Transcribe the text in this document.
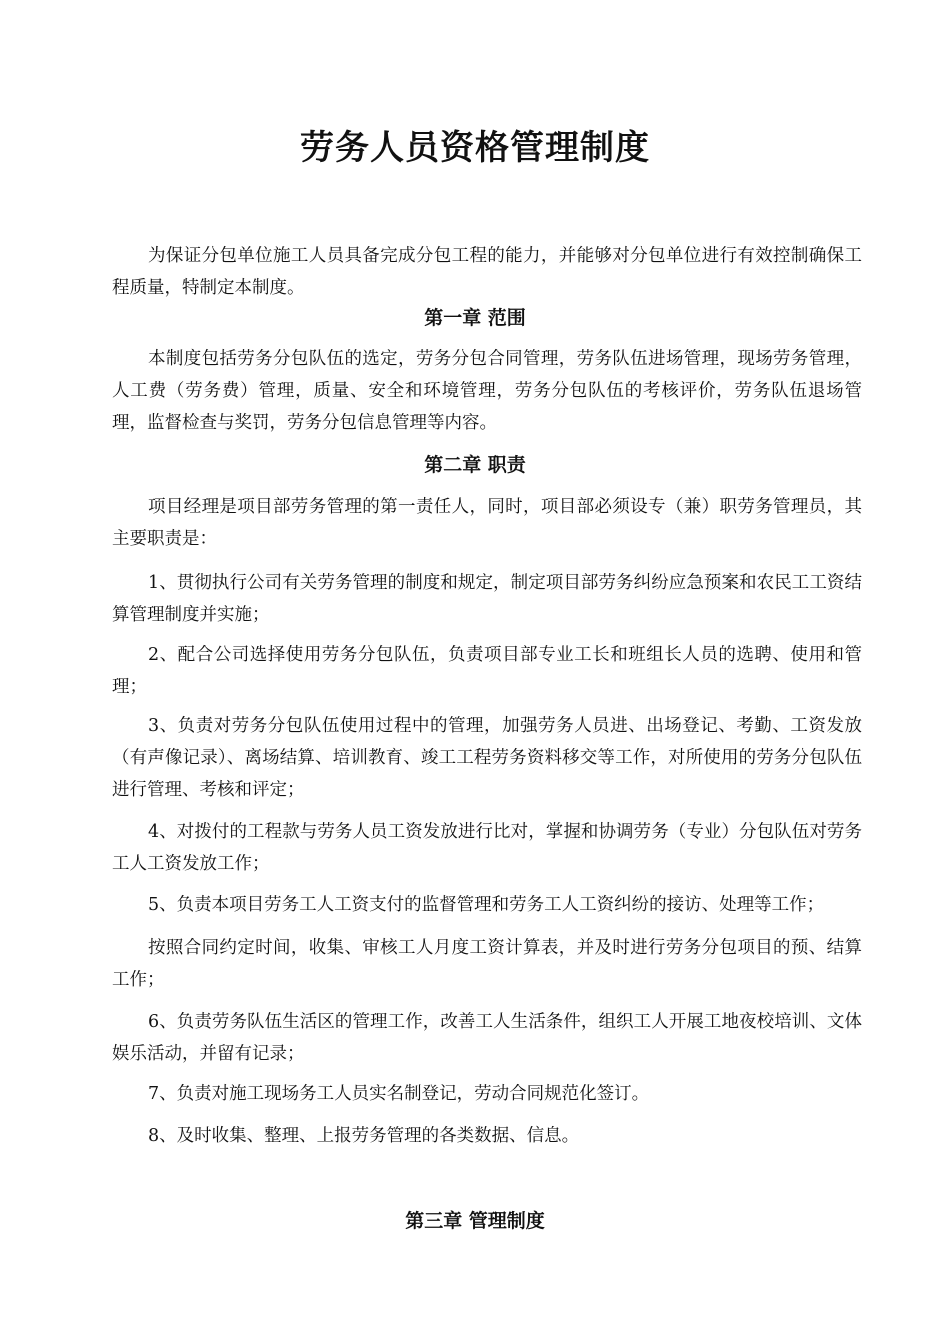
劳务人员资格管理制度

为保证分包单位施工人员具备完成分包工程的能力，并能够对分包单位进行有效控制确保工程质量，特制定本制度。

第一章 范围

本制度包括劳务分包队伍的选定，劳务分包合同管理，劳务队伍进场管理，现场劳务管理，人工费（劳务费）管理，质量、安全和环境管理，劳务分包队伍的考核评价，劳务队伍退场管理，监督检查与奖罚，劳务分包信息管理等内容。

第二章 职责

项目经理是项目部劳务管理的第一责任人，同时，项目部必须设专（兼）职劳务管理员，其主要职责是：

1、贯彻执行公司有关劳务管理的制度和规定，制定项目部劳务纠纷应急预案和农民工工资结算管理制度并实施；

2、配合公司选择使用劳务分包队伍，负责项目部专业工长和班组长人员的选聘、使用和管理；

3、负责对劳务分包队伍使用过程中的管理，加强劳务人员进、出场登记、考勤、工资发放（有声像记录）、离场结算、培训教育、竣工工程劳务资料移交等工作，对所使用的劳务分包队伍进行管理、考核和评定；

4、对拨付的工程款与劳务人员工资发放进行比对，掌握和协调劳务（专业）分包队伍对劳务工人工资发放工作；

5、负责本项目劳务工人工资支付的监督管理和劳务工人工资纠纷的接访、处理等工作；

按照合同约定时间，收集、审核工人月度工资计算表，并及时进行劳务分包项目的预、结算工作；

6、负责劳务队伍生活区的管理工作，改善工人生活条件，组织工人开展工地夜校培训、文体娱乐活动，并留有记录；

7、负责对施工现场务工人员实名制登记，劳动合同规范化签订。

8、及时收集、整理、上报劳务管理的各类数据、信息。

第三章 管理制度
